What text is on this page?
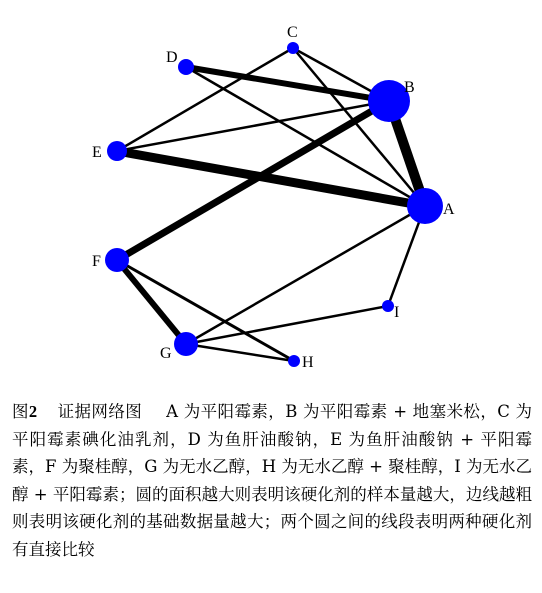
A
B
C
D
E
F
G
H
I
图2 证据网络图 A 为平阳霉素，B 为平阳霉素 + 地塞米松，C 为平阳霉素碘化油乳剂，D 为鱼肝油酸钠，E 为鱼肝油酸钠 + 平阳霉素，F 为聚桂醇，G 为无水乙醇，H 为无水乙醇 + 聚桂醇，I 为无水乙醇 + 平阳霉素；圆的面积越大则表明该硬化剂的样本量越大，边线越粗则表明该硬化剂的基础数据量越大；两个圆之间的线段表明两种硬化剂有直接比较
